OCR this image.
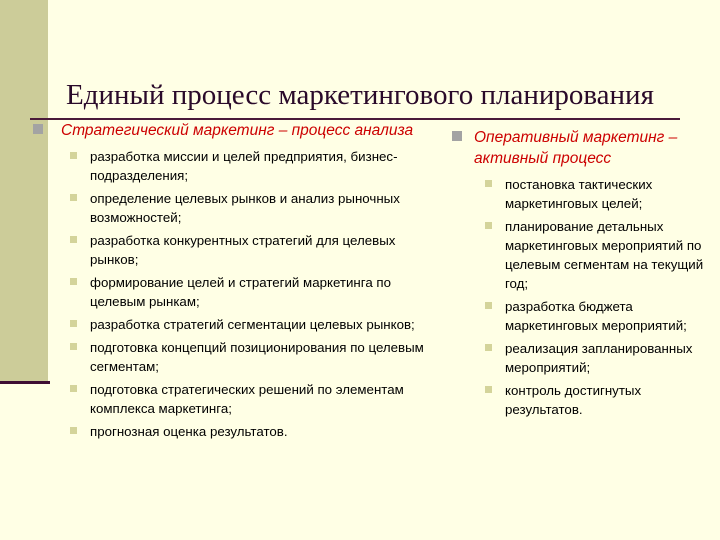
Единый процесс маркетингового планирования
Стратегический маркетинг – процесс анализа
разработка миссии и целей предприятия, бизнес-подразделения;
определение целевых рынков и анализ рыночных возможностей;
разработка конкурентных стратегий для целевых рынков;
формирование целей и стратегий маркетинга по целевым рынкам;
разработка стратегий сегментации целевых рынков;
подготовка концепций позиционирования по целевым сегментам;
подготовка стратегических решений по элементам комплекса маркетинга;
прогнозная оценка результатов.
Оперативный маркетинг – активный процесс
постановка тактических маркетинговых целей;
планирование детальных маркетинговых мероприятий по целевым сегментам на текущий год;
разработка бюджета маркетинговых мероприятий;
реализация запланированных мероприятий;
контроль достигнутых результатов.
